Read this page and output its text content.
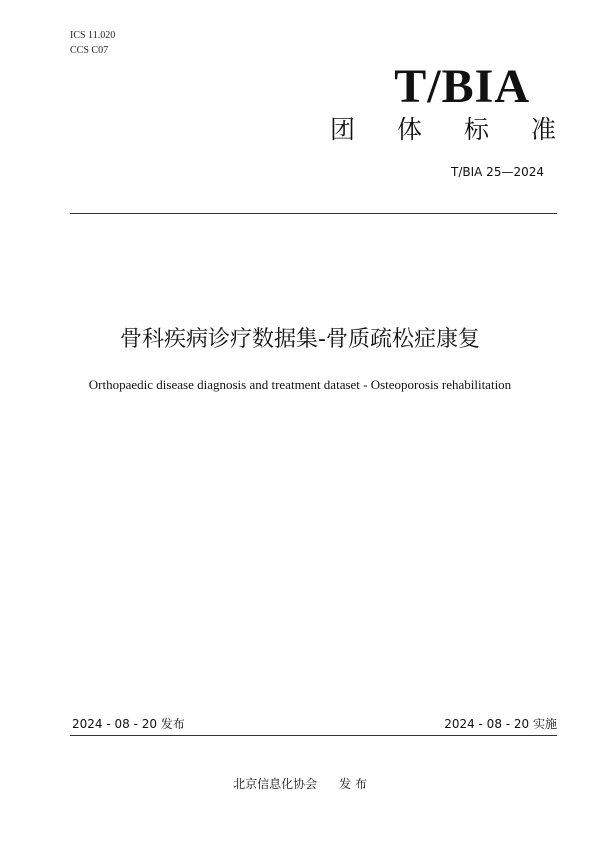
ICS 11.020
CCS C07
T/BIA
团 体 标 准
T/BIA 25—2024
骨科疾病诊疗数据集-骨质疏松症康复
Orthopaedic disease diagnosis and treatment dataset - Osteoporosis rehabilitation
2024 - 08 - 20 发布	2024 - 08 - 20 实施
北京信息化协会 发 布
